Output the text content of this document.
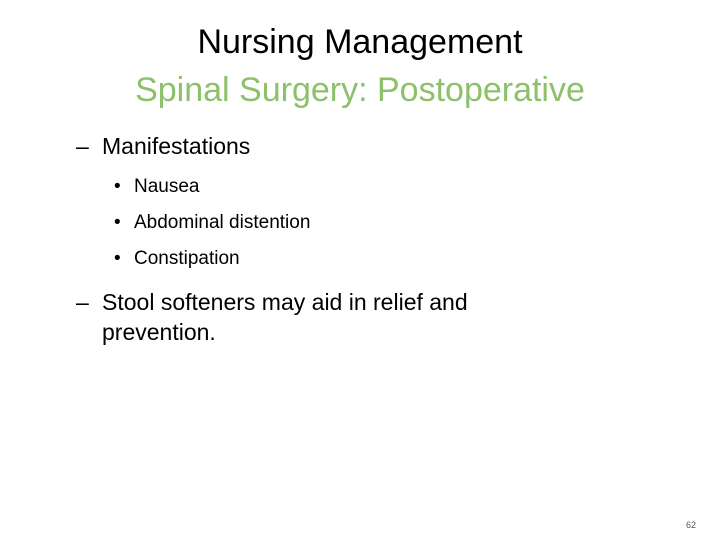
Nursing Management
Spinal Surgery: Postoperative
– Manifestations
• Nausea
• Abdominal distention
• Constipation
– Stool softeners may aid in relief and prevention.
62
